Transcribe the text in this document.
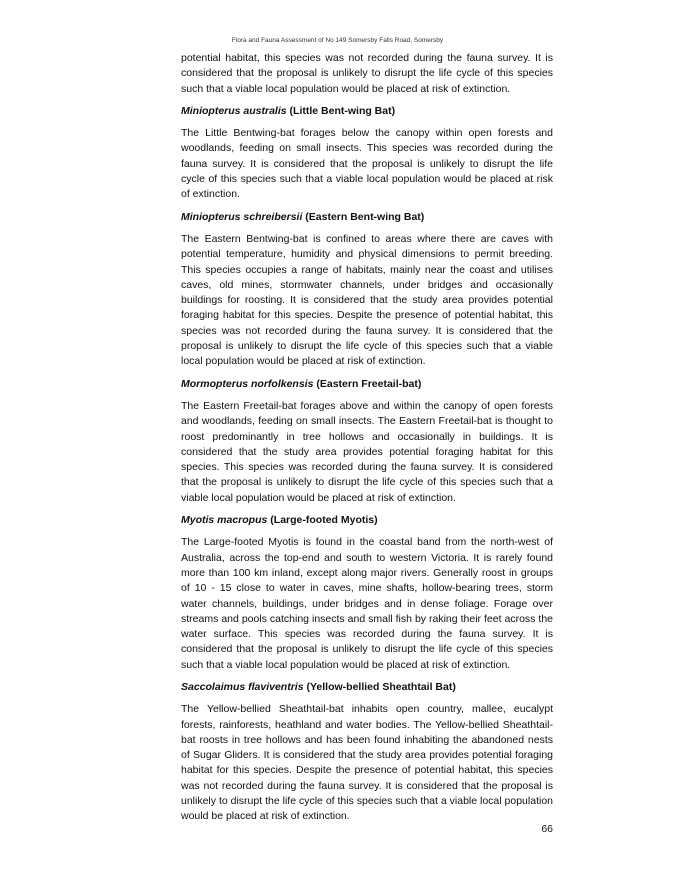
Flora and Fauna Assessment of No 149 Somersby Falls Road, Somersby

potential habitat, this species was not recorded during the fauna survey. It is considered that the proposal is unlikely to disrupt the life cycle of this species such that a viable local population would be placed at risk of extinction.

Miniopterus australis (Little Bent-wing Bat)

The Little Bentwing-bat forages below the canopy within open forests and woodlands, feeding on small insects. This species was recorded during the fauna survey. It is considered that the proposal is unlikely to disrupt the life cycle of this species such that a viable local population would be placed at risk of extinction.

Miniopterus schreibersii (Eastern Bent-wing Bat)

The Eastern Bentwing-bat is confined to areas where there are caves with potential temperature, humidity and physical dimensions to permit breeding. This species occupies a range of habitats, mainly near the coast and utilises caves, old mines, stormwater channels, under bridges and occasionally buildings for roosting. It is considered that the study area provides potential foraging habitat for this species. Despite the presence of potential habitat, this species was not recorded during the fauna survey. It is considered that the proposal is unlikely to disrupt the life cycle of this species such that a viable local population would be placed at risk of extinction.

Mormopterus norfolkensis (Eastern Freetail-bat)

The Eastern Freetail-bat forages above and within the canopy of open forests and woodlands, feeding on small insects. The Eastern Freetail-bat is thought to roost predominantly in tree hollows and occasionally in buildings. It is considered that the study area provides potential foraging habitat for this species. This species was recorded during the fauna survey. It is considered that the proposal is unlikely to disrupt the life cycle of this species such that a viable local population would be placed at risk of extinction.

Myotis macropus (Large-footed Myotis)

The Large-footed Myotis is found in the coastal band from the north-west of Australia, across the top-end and south to western Victoria. It is rarely found more than 100 km inland, except along major rivers. Generally roost in groups of 10 - 15 close to water in caves, mine shafts, hollow-bearing trees, storm water channels, buildings, under bridges and in dense foliage. Forage over streams and pools catching insects and small fish by raking their feet across the water surface. This species was recorded during the fauna survey. It is considered that the proposal is unlikely to disrupt the life cycle of this species such that a viable local population would be placed at risk of extinction.

Saccolaimus flaviventris (Yellow-bellied Sheathtail Bat)

The Yellow-bellied Sheathtail-bat inhabits open country, mallee, eucalypt forests, rainforests, heathland and water bodies. The Yellow-bellied Sheathtail-bat roosts in tree hollows and has been found inhabiting the abandoned nests of Sugar Gliders. It is considered that the study area provides potential foraging habitat for this species. Despite the presence of potential habitat, this species was not recorded during the fauna survey. It is considered that the proposal is unlikely to disrupt the life cycle of this species such that a viable local population would be placed at risk of extinction.

66
